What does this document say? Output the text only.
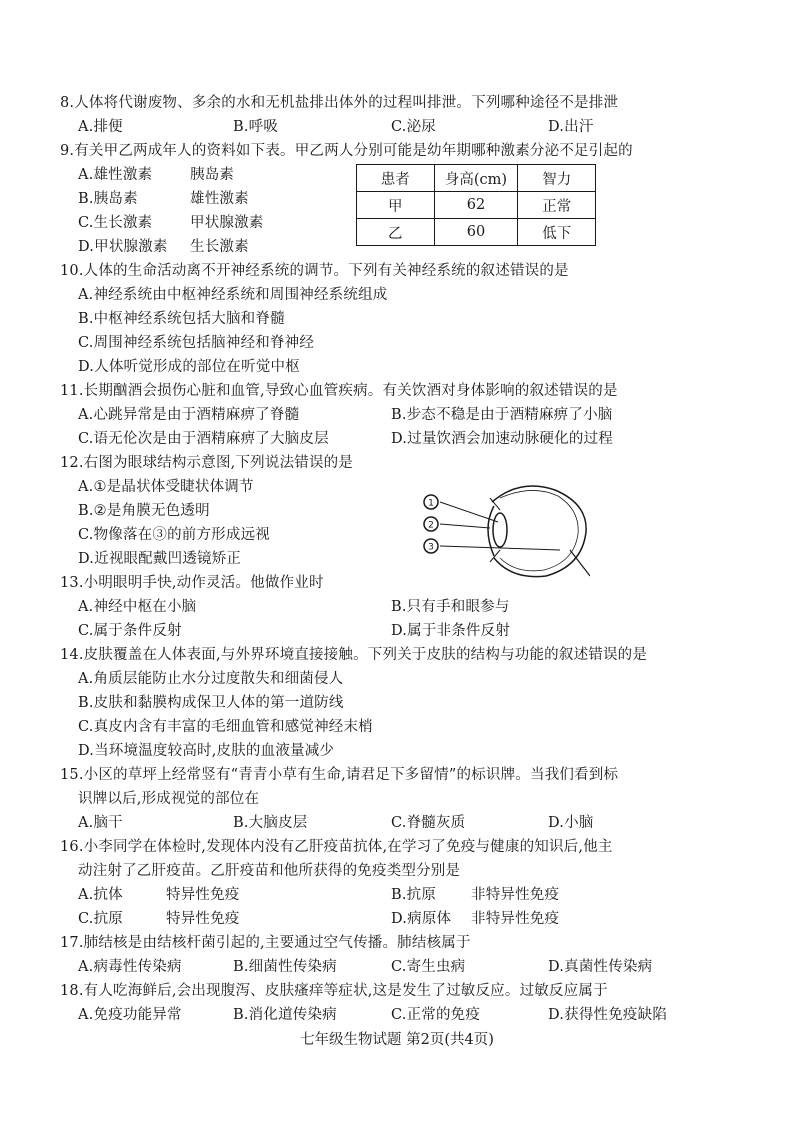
8.人体将代谢废物、多余的水和无机盐排出体外的过程叫排泄。下列哪种途径不是排泄
A.排便	B.呼吸	C.泌尿	D.出汗
9.有关甲乙两成年人的资料如下表。甲乙两人分别可能是幼年期哪种激素分泌不足引起的
A.雄性激素	胰岛素
B.胰岛素	雄性激素
C.生长激素	甲状腺激素
D.甲状腺激素 生长激素
患者	身高(cm)	智力
甲	62	正常
乙	60	低下
10.人体的生命活动离不开神经系统的调节。下列有关神经系统的叙述错误的是
A.神经系统由中枢神经系统和周围神经系统组成
B.中枢神经系统包括大脑和脊髓
C.周围神经系统包括脑神经和脊神经
D.人体听觉形成的部位在听觉中枢
11.长期酗酒会损伤心脏和血管,导致心血管疾病。有关饮酒对身体影响的叙述错误的是
A.心跳异常是由于酒精麻痹了脊髓	B.步态不稳是由于酒精麻痹了小脑
C.语无伦次是由于酒精麻痹了大脑皮层	D.过量饮酒会加速动脉硬化的过程
12.右图为眼球结构示意图,下列说法错误的是
A.①是晶状体受睫状体调节
B.②是角膜无色透明
C.物像落在③的前方形成远视
D.近视眼配戴凹透镜矫正
1
2
3
13.小明眼明手快,动作灵活。他做作业时
A.神经中枢在小脑	B.只有手和眼参与
C.属于条件反射	D.属于非条件反射
14.皮肤覆盖在人体表面,与外界环境直接接触。下列关于皮肤的结构与功能的叙述错误的是
A.角质层能防止水分过度散失和细菌侵人
B.皮肤和黏膜构成保卫人体的第一道防线
C.真皮内含有丰富的毛细血管和感觉神经末梢
D.当环境温度较高时,皮肤的血液量减少
15.小区的草坪上经常竖有“青青小草有生命,请君足下多留情”的标识牌。当我们看到标
识牌以后,形成视觉的部位在
A.脑干	B.大脑皮层	C.脊髓灰质	D.小脑
16.小李同学在体检时,发现体内没有乙肝疫苗抗体,在学习了免疫与健康的知识后,他主
动注射了乙肝疫苗。乙肝疫苗和他所获得的免疫类型分别是
A.抗体	特异性免疫	B.抗原 非特异性免疫
C.抗原	特异性免疫	D.病原体 非特异性免疫
17.肺结核是由结核杆菌引起的,主要通过空气传播。肺结核属于
A.病毒性传染病	B.细菌性传染病	C.寄生虫病	D.真菌性传染病
18.有人吃海鲜后,会出现腹泻、皮肤瘙痒等症状,这是发生了过敏反应。过敏反应属于
A.免疫功能异常	B.消化道传染病	C.正常的免疫	D.获得性免疫缺陷
七年级生物试题 第2页(共4页)
